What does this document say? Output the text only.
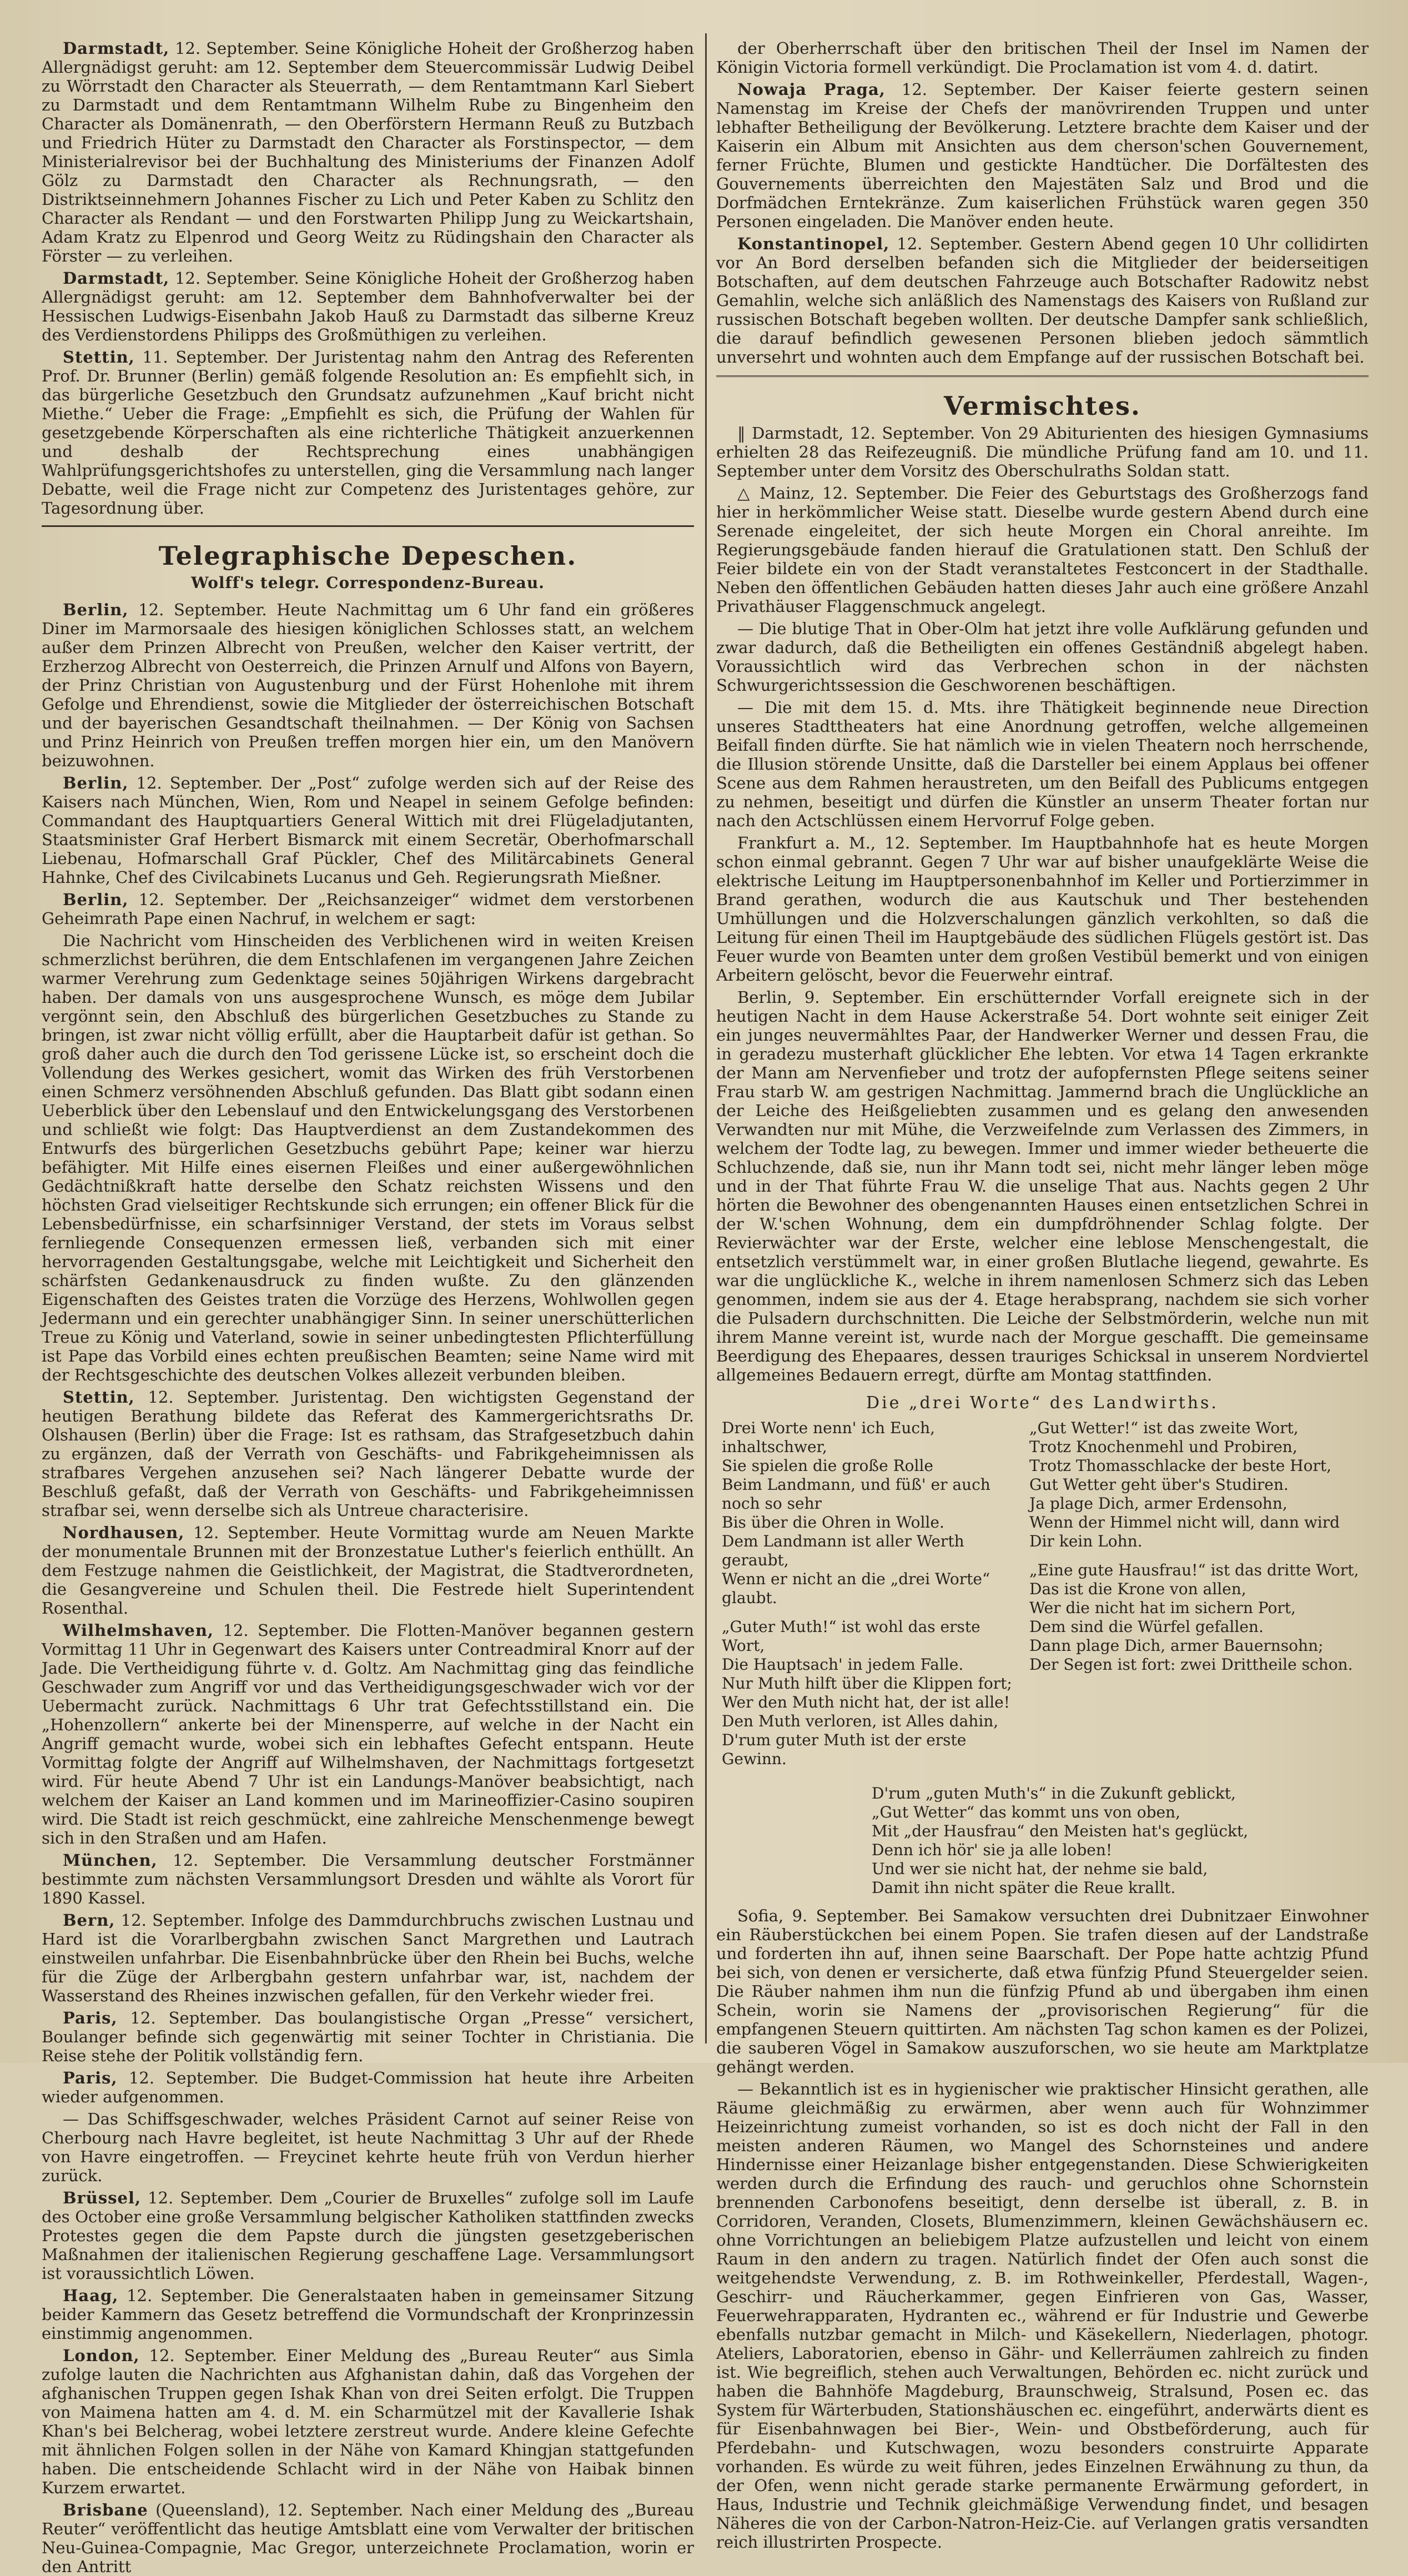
Darmstadt, 12. September. Seine Königliche Hoheit der Großherzog haben Allergnädigst geruht: am 12. September dem Steuercommissär Ludwig Deibel zu Wörrstadt den Character als Steuerrath, — dem Rentamtmann Karl Siebert zu Darmstadt und dem Rentamtmann Wilhelm Rube zu Bingenheim den Character als Domänenrath, — den Oberförstern Hermann Reuß zu Butzbach und Friedrich Hüter zu Darmstadt den Character als Forstinspector, — dem Ministerialrevisor bei der Buchhaltung des Ministeriums der Finanzen Adolf Gölz zu Darmstadt den Character als Rechnungsrath, — den Distriktseinnehmern Johannes Fischer zu Lich und Peter Kaben zu Schlitz den Character als Rendant — und den Forstwarten Philipp Jung zu Weickartshain, Adam Kratz zu Elpenrod und Georg Weitz zu Rüdingshain den Character als Förster — zu verleihen.

Darmstadt, 12. September. Seine Königliche Hoheit der Großherzog haben Allergnädigst geruht: am 12. September dem Bahnhofverwalter bei der Hessischen Ludwigs-Eisenbahn Jakob Hauß zu Darmstadt das silberne Kreuz des Verdienstordens Philipps des Großmüthigen zu verleihen.

Stettin, 11. September. Der Juristentag nahm den Antrag des Referenten Prof. Dr. Brunner (Berlin) gemäß folgende Resolution an: Es empfiehlt sich, in das bürgerliche Gesetzbuch den Grundsatz aufzunehmen „Kauf bricht nicht Miethe.“ Ueber die Frage: „Empfiehlt es sich, die Prüfung der Wahlen für gesetzgebende Körperschaften als eine richterliche Thätigkeit anzuerkennen und deshalb der Rechtsprechung eines unabhängigen Wahlprüfungsgerichtshofes zu unterstellen, ging die Versammlung nach langer Debatte, weil die Frage nicht zur Competenz des Juristentages gehöre, zur Tagesordnung über.

Telegraphische Depeschen.
Wolff's telegr. Correspondenz-Bureau.

Berlin, 12. September. Heute Nachmittag um 6 Uhr fand ein größeres Diner im Marmorsaale des hiesigen königlichen Schlosses statt, an welchem außer dem Prinzen Albrecht von Preußen, welcher den Kaiser vertritt, der Erzherzog Albrecht von Oesterreich, die Prinzen Arnulf und Alfons von Bayern, der Prinz Christian von Augustenburg und der Fürst Hohenlohe mit ihrem Gefolge und Ehrendienst, sowie die Mitglieder der österreichischen Botschaft und der bayerischen Gesandtschaft theilnahmen. — Der König von Sachsen und Prinz Heinrich von Preußen treffen morgen hier ein, um den Manövern beizuwohnen.

Berlin, 12. September. Der „Post“ zufolge werden sich auf der Reise des Kaisers nach München, Wien, Rom und Neapel in seinem Gefolge befinden: Commandant des Hauptquartiers General Wittich mit drei Flügeladjutanten, Staatsminister Graf Herbert Bismarck mit einem Secretär, Oberhofmarschall Liebenau, Hofmarschall Graf Pückler, Chef des Militärcabinets General Hahnke, Chef des Civilcabinets Lucanus und Geh. Regierungsrath Mießner.

Berlin, 12. September. Der „Reichsanzeiger“ widmet dem verstorbenen Geheimrath Pape einen Nachruf, in welchem er sagt:

Die Nachricht vom Hinscheiden des Verblichenen wird in weiten Kreisen schmerzlichst berühren, die dem Entschlafenen im vergangenen Jahre Zeichen warmer Verehrung zum Gedenktage seines 50jährigen Wirkens dargebracht haben. Der damals von uns ausgesprochene Wunsch, es möge dem Jubilar vergönnt sein, den Abschluß des bürgerlichen Gesetzbuches zu Stande zu bringen, ist zwar nicht völlig erfüllt, aber die Hauptarbeit dafür ist gethan. So groß daher auch die durch den Tod gerissene Lücke ist, so erscheint doch die Vollendung des Werkes gesichert, womit das Wirken des früh Verstorbenen einen Schmerz versöhnenden Abschluß gefunden. Das Blatt gibt sodann einen Ueberblick über den Lebenslauf und den Entwickelungsgang des Verstorbenen und schließt wie folgt: Das Hauptverdienst an dem Zustandekommen des Entwurfs des bürgerlichen Gesetzbuchs gebührt Pape; keiner war hierzu befähigter. Mit Hilfe eines eisernen Fleißes und einer außergewöhnlichen Gedächtnißkraft hatte derselbe den Schatz reichsten Wissens und den höchsten Grad vielseitiger Rechtskunde sich errungen; ein offener Blick für die Lebensbedürfnisse, ein scharfsinniger Verstand, der stets im Voraus selbst fernliegende Consequenzen ermessen ließ, verbanden sich mit einer hervorragenden Gestaltungsgabe, welche mit Leichtigkeit und Sicherheit den schärfsten Gedankenausdruck zu finden wußte. Zu den glänzenden Eigenschaften des Geistes traten die Vorzüge des Herzens, Wohlwollen gegen Jedermann und ein gerechter unabhängiger Sinn. In seiner unerschütterlichen Treue zu König und Vaterland, sowie in seiner unbedingtesten Pflichterfüllung ist Pape das Vorbild eines echten preußischen Beamten; seine Name wird mit der Rechtsgeschichte des deutschen Volkes allezeit verbunden bleiben.

Stettin, 12. September. Juristentag. Den wichtigsten Gegenstand der heutigen Berathung bildete das Referat des Kammergerichtsraths Dr. Olshausen (Berlin) über die Frage: Ist es rathsam, das Strafgesetzbuch dahin zu ergänzen, daß der Verrath von Geschäfts- und Fabrikgeheimnissen als strafbares Vergehen anzusehen sei? Nach längerer Debatte wurde der Beschluß gefaßt, daß der Verrath von Geschäfts- und Fabrikgeheimnissen strafbar sei, wenn derselbe sich als Untreue characterisire.

Nordhausen, 12. September. Heute Vormittag wurde am Neuen Markte der monumentale Brunnen mit der Bronzestatue Luther's feierlich enthüllt. An dem Festzuge nahmen die Geistlichkeit, der Magistrat, die Stadtverordneten, die Gesangvereine und Schulen theil. Die Festrede hielt Superintendent Rosenthal.

Wilhelmshaven, 12. September. Die Flotten-Manöver begannen gestern Vormittag 11 Uhr in Gegenwart des Kaisers unter Contreadmiral Knorr auf der Jade. Die Vertheidigung führte v. d. Goltz. Am Nachmittag ging das feindliche Geschwader zum Angriff vor und das Vertheidigungsgeschwader wich vor der Uebermacht zurück. Nachmittags 6 Uhr trat Gefechtsstillstand ein. Die „Hohenzollern“ ankerte bei der Minensperre, auf welche in der Nacht ein Angriff gemacht wurde, wobei sich ein lebhaftes Gefecht entspann. Heute Vormittag folgte der Angriff auf Wilhelmshaven, der Nachmittags fortgesetzt wird. Für heute Abend 7 Uhr ist ein Landungs-Manöver beabsichtigt, nach welchem der Kaiser an Land kommen und im Marineoffizier-Casino soupiren wird. Die Stadt ist reich geschmückt, eine zahlreiche Menschenmenge bewegt sich in den Straßen und am Hafen.

München, 12. September. Die Versammlung deutscher Forstmänner bestimmte zum nächsten Versammlungsort Dresden und wählte als Vorort für 1890 Kassel.

Bern, 12. September. Infolge des Dammdurchbruchs zwischen Lustnau und Hard ist die Vorarlbergbahn zwischen Sanct Margrethen und Lautrach einstweilen unfahrbar. Die Eisenbahnbrücke über den Rhein bei Buchs, welche für die Züge der Arlbergbahn gestern unfahrbar war, ist, nachdem der Wasserstand des Rheines inzwischen gefallen, für den Verkehr wieder frei.

Paris, 12. September. Das boulangistische Organ „Presse“ versichert, Boulanger befinde sich gegenwärtig mit seiner Tochter in Christiania. Die Reise stehe der Politik vollständig fern.

Paris, 12. September. Die Budget-Commission hat heute ihre Arbeiten wieder aufgenommen.

— Das Schiffsgeschwader, welches Präsident Carnot auf seiner Reise von Cherbourg nach Havre begleitet, ist heute Nachmittag 3 Uhr auf der Rhede von Havre eingetroffen. — Freycinet kehrte heute früh von Verdun hierher zurück.

Brüssel, 12. September. Dem „Courier de Bruxelles“ zufolge soll im Laufe des October eine große Versammlung belgischer Katholiken stattfinden zwecks Protestes gegen die dem Papste durch die jüngsten gesetzgeberischen Maßnahmen der italienischen Regierung geschaffene Lage. Versammlungsort ist voraussichtlich Löwen.

Haag, 12. September. Die Generalstaaten haben in gemeinsamer Sitzung beider Kammern das Gesetz betreffend die Vormundschaft der Kronprinzessin einstimmig angenommen.

London, 12. September. Einer Meldung des „Bureau Reuter“ aus Simla zufolge lauten die Nachrichten aus Afghanistan dahin, daß das Vorgehen der afghanischen Truppen gegen Ishak Khan von drei Seiten erfolgt. Die Truppen von Maimena hatten am 4. d. M. ein Scharmützel mit der Kavallerie Ishak Khan's bei Belcherag, wobei letztere zerstreut wurde. Andere kleine Gefechte mit ähnlichen Folgen sollen in der Nähe von Kamard Khingjan stattgefunden haben. Die entscheidende Schlacht wird in der Nähe von Haibak binnen Kurzem erwartet.

Brisbane (Queensland), 12. September. Nach einer Meldung des „Bureau Reuter“ veröffentlicht das heutige Amtsblatt eine vom Verwalter der britischen Neu-Guinea-Compagnie, Mac Gregor, unterzeichnete Proclamation, worin er den Antritt

der Oberherrschaft über den britischen Theil der Insel im Namen der Königin Victoria formell verkündigt. Die Proclamation ist vom 4. d. datirt.

Nowaja Praga, 12. September. Der Kaiser feierte gestern seinen Namenstag im Kreise der Chefs der manövrirenden Truppen und unter lebhafter Betheiligung der Bevölkerung. Letztere brachte dem Kaiser und der Kaiserin ein Album mit Ansichten aus dem cherson'schen Gouvernement, ferner Früchte, Blumen und gestickte Handtücher. Die Dorfältesten des Gouvernements überreichten den Majestäten Salz und Brod und die Dorfmädchen Erntekränze. Zum kaiserlichen Frühstück waren gegen 350 Personen eingeladen. Die Manöver enden heute.

Konstantinopel, 12. September. Gestern Abend gegen 10 Uhr collidirten vor An Bord derselben befanden sich die Mitglieder der beiderseitigen Botschaften, auf dem deutschen Fahrzeuge auch Botschafter Radowitz nebst Gemahlin, welche sich anläßlich des Namenstags des Kaisers von Rußland zur russischen Botschaft begeben wollten. Der deutsche Dampfer sank schließlich, die darauf befindlich gewesenen Personen blieben jedoch sämmtlich unversehrt und wohnten auch dem Empfange auf der russischen Botschaft bei.

Vermischtes.

‖ Darmstadt, 12. September. Von 29 Abiturienten des hiesigen Gymnasiums erhielten 28 das Reifezeugniß. Die mündliche Prüfung fand am 10. und 11. September unter dem Vorsitz des Oberschulraths Soldan statt.

△ Mainz, 12. September. Die Feier des Geburtstags des Großherzogs fand hier in herkömmlicher Weise statt. Dieselbe wurde gestern Abend durch eine Serenade eingeleitet, der sich heute Morgen ein Choral anreihte. Im Regierungsgebäude fanden hierauf die Gratulationen statt. Den Schluß der Feier bildete ein von der Stadt veranstaltetes Festconcert in der Stadthalle. Neben den öffentlichen Gebäuden hatten dieses Jahr auch eine größere Anzahl Privathäuser Flaggenschmuck angelegt.

— Die blutige That in Ober-Olm hat jetzt ihre volle Aufklärung gefunden und zwar dadurch, daß die Betheiligten ein offenes Geständniß abgelegt haben. Voraussichtlich wird das Verbrechen schon in der nächsten Schwurgerichtssession die Geschworenen beschäftigen.

— Die mit dem 15. d. Mts. ihre Thätigkeit beginnende neue Direction unseres Stadttheaters hat eine Anordnung getroffen, welche allgemeinen Beifall finden dürfte. Sie hat nämlich wie in vielen Theatern noch herrschende, die Illusion störende Unsitte, daß die Darsteller bei einem Applaus bei offener Scene aus dem Rahmen heraustreten, um den Beifall des Publicums entgegen zu nehmen, beseitigt und dürfen die Künstler an unserm Theater fortan nur nach den Actschlüssen einem Hervorruf Folge geben.

Frankfurt a. M., 12. September. Im Hauptbahnhofe hat es heute Morgen schon einmal gebrannt. Gegen 7 Uhr war auf bisher unaufgeklärte Weise die elektrische Leitung im Hauptpersonenbahnhof im Keller und Portierzimmer in Brand gerathen, wodurch die aus Kautschuk und Ther bestehenden Umhüllungen und die Holzverschalungen gänzlich verkohlten, so daß die Leitung für einen Theil im Hauptgebäude des südlichen Flügels gestört ist. Das Feuer wurde von Beamten unter dem großen Vestibül bemerkt und von einigen Arbeitern gelöscht, bevor die Feuerwehr eintraf.

Berlin, 9. September. Ein erschütternder Vorfall ereignete sich in der heutigen Nacht in dem Hause Ackerstraße 54. Dort wohnte seit einiger Zeit ein junges neuvermähltes Paar, der Handwerker Werner und dessen Frau, die in geradezu musterhaft glücklicher Ehe lebten. Vor etwa 14 Tagen erkrankte der Mann am Nervenfieber und trotz der aufopfernsten Pflege seitens seiner Frau starb W. am gestrigen Nachmittag. Jammernd brach die Unglückliche an der Leiche des Heißgeliebten zusammen und es gelang den anwesenden Verwandten nur mit Mühe, die Verzweifelnde zum Verlassen des Zimmers, in welchem der Todte lag, zu bewegen. Immer und immer wieder betheuerte die Schluchzende, daß sie, nun ihr Mann todt sei, nicht mehr länger leben möge und in der That führte Frau W. die unselige That aus. Nachts gegen 2 Uhr hörten die Bewohner des obengenannten Hauses einen entsetzlichen Schrei in der W.'schen Wohnung, dem ein dumpfdröhnender Schlag folgte. Der Revierwächter war der Erste, welcher eine leblose Menschengestalt, die entsetzlich verstümmelt war, in einer großen Blutlache liegend, gewahrte. Es war die unglückliche K., welche in ihrem namenlosen Schmerz sich das Leben genommen, indem sie aus der 4. Etage herabsprang, nachdem sie sich vorher die Pulsadern durchschnitten. Die Leiche der Selbstmörderin, welche nun mit ihrem Manne vereint ist, wurde nach der Morgue geschafft. Die gemeinsame Beerdigung des Ehepaares, dessen trauriges Schicksal in unserem Nordviertel allgemeines Bedauern erregt, dürfte am Montag stattfinden.

Die „drei Worte“ des Landwirths.
Drei Worte nenn' ich Euch, inhaltschwer,
Sie spielen die große Rolle
Beim Landmann, und füß' er auch noch so sehr
Bis über die Ohren in Wolle.
Dem Landmann ist aller Werth geraubt,
Wenn er nicht an die „drei Worte“ glaubt.
„Guter Muth!“ ist wohl das erste Wort,
Die Hauptsach' in jedem Falle.
Nur Muth hilft über die Klippen fort;
Wer den Muth nicht hat, der ist alle!
Den Muth verloren, ist Alles dahin,
D'rum guter Muth ist der erste Gewinn.
„Gut Wetter!“ ist das zweite Wort,
Trotz Knochenmehl und Probiren,
Trotz Thomasschlacke der beste Hort,
Gut Wetter geht über's Studiren.
Ja plage Dich, armer Erdensohn,
Wenn der Himmel nicht will, dann wird Dir kein Lohn.
„Eine gute Hausfrau!“ ist das dritte Wort,
Das ist die Krone von allen,
Wer die nicht hat im sichern Port,
Dem sind die Würfel gefallen.
Dann plage Dich, armer Bauernsohn;
Der Segen ist fort: zwei Drittheile schon.
D'rum „guten Muth's“ in die Zukunft geblickt,
„Gut Wetter“ das kommt uns von oben,
Mit „der Hausfrau“ den Meisten hat's geglückt,
Denn ich hör' sie ja alle loben!
Und wer sie nicht hat, der nehme sie bald,
Damit ihn nicht später die Reue krallt.

Sofia, 9. September. Bei Samakow versuchten drei Dubnitzaer Einwohner ein Räuberstückchen bei einem Popen. Sie trafen diesen auf der Landstraße und forderten ihn auf, ihnen seine Baarschaft. Der Pope hatte achtzig Pfund bei sich, von denen er versicherte, daß etwa fünfzig Pfund Steuergelder seien. Die Räuber nahmen ihm nun die fünfzig Pfund ab und übergaben ihm einen Schein, worin sie Namens der „provisorischen Regierung“ für die empfangenen Steuern quittirten. Am nächsten Tag schon kamen es der Polizei, die sauberen Vögel in Samakow auszuforschen, wo sie heute am Marktplatze gehängt werden.

— Bekanntlich ist es in hygienischer wie praktischer Hinsicht gerathen, alle Räume gleichmäßig zu erwärmen, aber wenn auch für Wohnzimmer Heizeinrichtung zumeist vorhanden, so ist es doch nicht der Fall in den meisten anderen Räumen, wo Mangel des Schornsteines und andere Hindernisse einer Heizanlage bisher entgegenstanden. Diese Schwierigkeiten werden durch die Erfindung des rauch- und geruchlos ohne Schornstein brennenden Carbonofens beseitigt, denn derselbe ist überall, z. B. in Corridoren, Veranden, Closets, Blumenzimmern, kleinen Gewächshäusern ec. ohne Vorrichtungen an beliebigem Platze aufzustellen und leicht von einem Raum in den andern zu tragen. Natürlich findet der Ofen auch sonst die weitgehendste Verwendung, z. B. im Rothweinkeller, Pferdestall, Wagen-, Geschirr- und Räucherkammer, gegen Einfrieren von Gas, Wasser, Feuerwehrapparaten, Hydranten ec., während er für Industrie und Gewerbe ebenfalls nutzbar gemacht in Milch- und Käsekellern, Niederlagen, photogr. Ateliers, Laboratorien, ebenso in Gähr- und Kellerräumen zahlreich zu finden ist. Wie begreiflich, stehen auch Verwaltungen, Behörden ec. nicht zurück und haben die Bahnhöfe Magdeburg, Braunschweig, Stralsund, Posen ec. das System für Wärterbuden, Stationshäuschen ec. eingeführt, anderwärts dient es für Eisenbahnwagen bei Bier-, Wein- und Obstbeförderung, auch für Pferdebahn- und Kutschwagen, wozu besonders construirte Apparate vorhanden. Es würde zu weit führen, jedes Einzelnen Erwähnung zu thun, da der Ofen, wenn nicht gerade starke permanente Erwärmung gefordert, in Haus, Industrie und Technik gleichmäßige Verwendung findet, und besagen Näheres die von der Carbon-Natron-Heiz-Cie. auf Verlangen gratis versandten reich illustrirten Prospecte.
